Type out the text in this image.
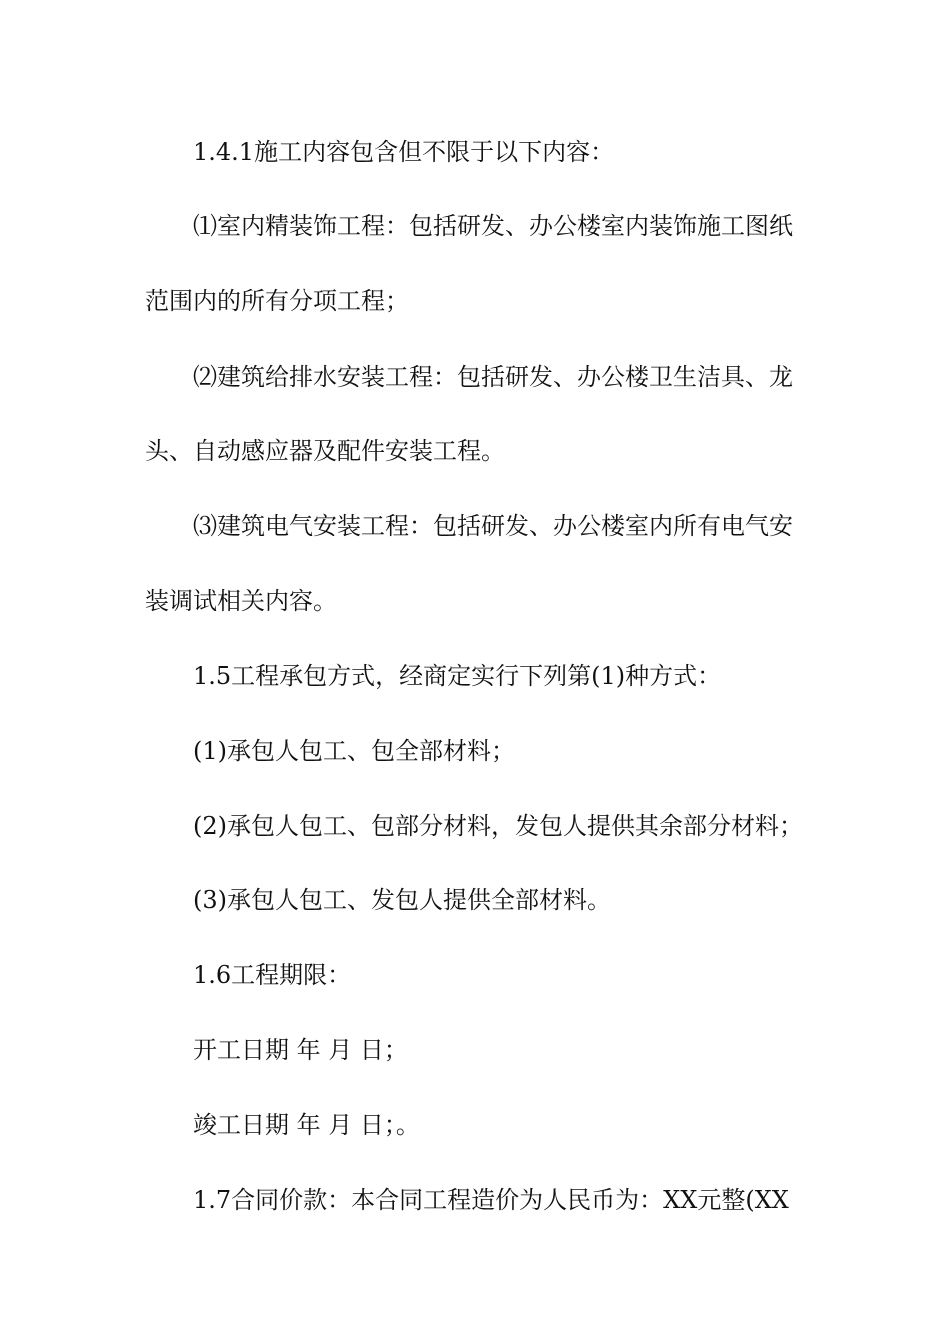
1.4.1施工内容包含但不限于以下内容：
⑴室内精装饰工程：包括研发、办公楼室内装饰施工图纸
范围内的所有分项工程；
⑵建筑给排水安装工程：包括研发、办公楼卫生洁具、龙
头、自动感应器及配件安装工程。
⑶建筑电气安装工程：包括研发、办公楼室内所有电气安
装调试相关内容。
1.5工程承包方式，经商定实行下列第(1)种方式：
(1)承包人包工、包全部材料；
(2)承包人包工、包部分材料，发包人提供其余部分材料；
(3)承包人包工、发包人提供全部材料。
1.6工程期限：
开工日期 年 月 日；
竣工日期 年 月 日；。
1.7合同价款：本合同工程造价为人民币为：XX元整(XX
